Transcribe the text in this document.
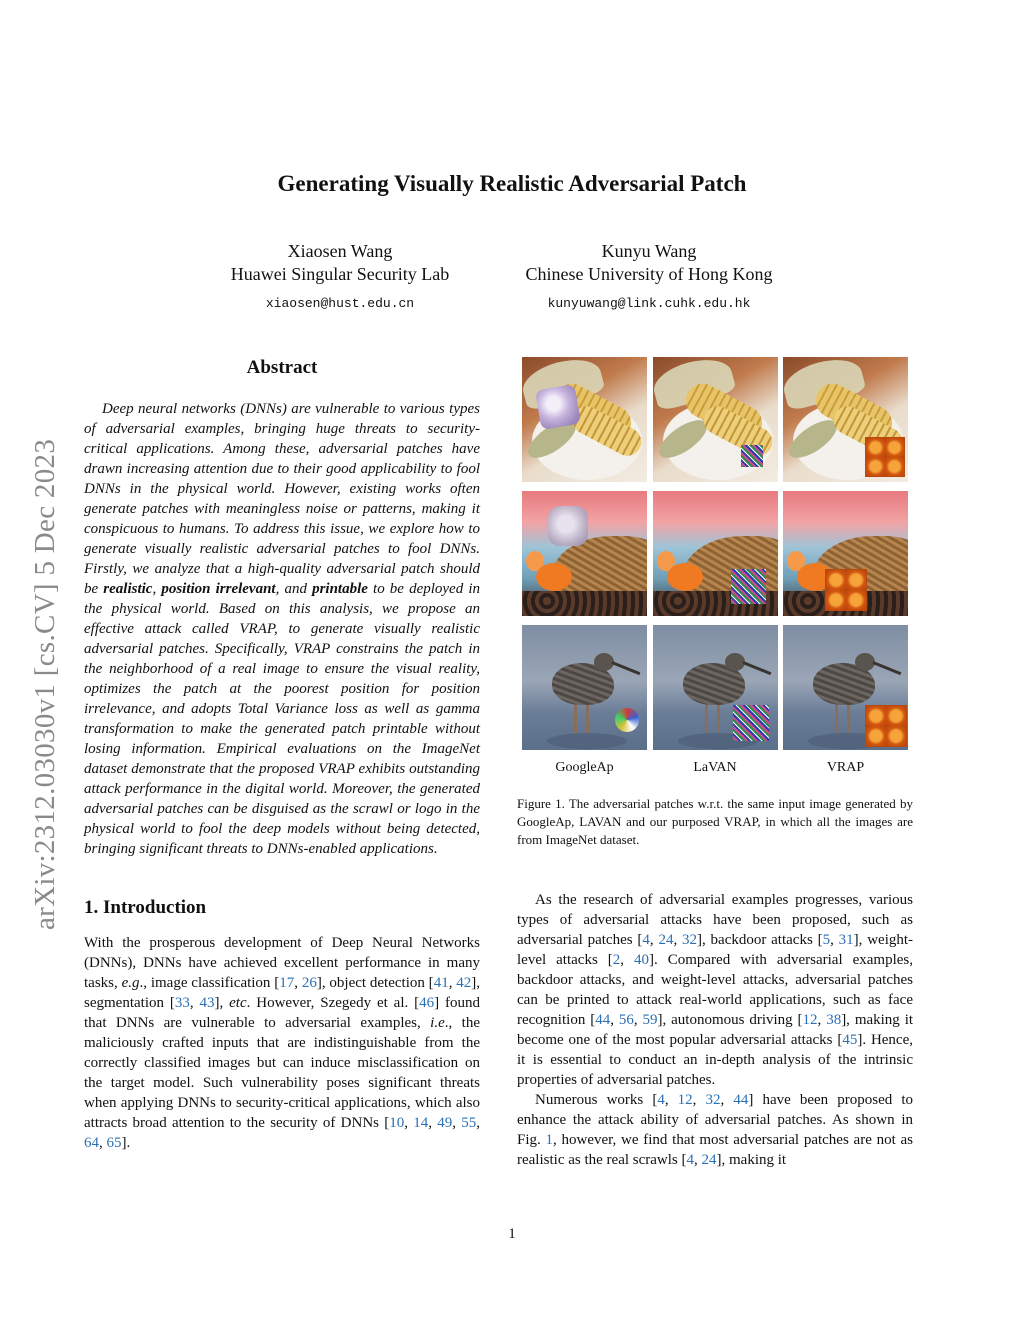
arXiv:2312.03030v1 [cs.CV] 5 Dec 2023
Generating Visually Realistic Adversarial Patch
Xiaosen Wang
Huawei Singular Security Lab
xiaosen@hust.edu.cn
Kunyu Wang
Chinese University of Hong Kong
kunyuwang@link.cuhk.edu.hk
Abstract

Deep neural networks (DNNs) are vulnerable to various types of adversarial examples, bringing huge threats to security-critical applications. Among these, adversarial patches have drawn increasing attention due to their good applicability to fool DNNs in the physical world. However, existing works often generate patches with meaningless noise or patterns, making it conspicuous to humans. To address this issue, we explore how to generate visually realistic adversarial patches to fool DNNs. Firstly, we analyze that a high-quality adversarial patch should be realistic, position irrelevant, and printable to be deployed in the physical world. Based on this analysis, we propose an effective attack called VRAP, to generate visually realistic adversarial patches. Specifically, VRAP constrains the patch in the neighborhood of a real image to ensure the visual reality, optimizes the patch at the poorest position for position irrelevance, and adopts Total Variance loss as well as gamma transformation to make the generated patch printable without losing information. Empirical evaluations on the ImageNet dataset demonstrate that the proposed VRAP exhibits outstanding attack performance in the digital world. Moreover, the generated adversarial patches can be disguised as the scrawl or logo in the physical world to fool the deep models without being detected, bringing significant threats to DNNs-enabled applications.

1. Introduction

With the prosperous development of Deep Neural Networks (DNNs), DNNs have achieved excellent performance in many tasks, e.g., image classification [17, 26], object detection [41, 42], segmentation [33, 43], etc. However, Szegedy et al. [46] found that DNNs are vulnerable to adversarial examples, i.e., the maliciously crafted inputs that are indistinguishable from the correctly classified images but can induce misclassification on the target model. Such vulnerability poses significant threats when applying DNNs to security-critical applications, which also attracts broad attention to the security of DNNs [10, 14, 49, 55, 64, 65].

GoogleAp	LaVAN	VRAP
Figure 1. The adversarial patches w.r.t. the same input image generated by GoogleAp, LAVAN and our purposed VRAP, in which all the images are from ImageNet dataset.

As the research of adversarial examples progresses, various types of adversarial attacks have been proposed, such as adversarial patches [4, 24, 32], backdoor attacks [5, 31], weight-level attacks [2, 40]. Compared with adversarial examples, backdoor attacks, and weight-level attacks, adversarial patches can be printed to attack real-world applications, such as face recognition [44, 56, 59], autonomous driving [12, 38], making it become one of the most popular adversarial attacks [45]. Hence, it is essential to conduct an in-depth analysis of the intrinsic properties of adversarial patches.

Numerous works [4, 12, 32, 44] have been proposed to enhance the attack ability of adversarial patches. As shown in Fig. 1, however, we find that most adversarial patches are not as realistic as the real scrawls [4, 24], making it

1
